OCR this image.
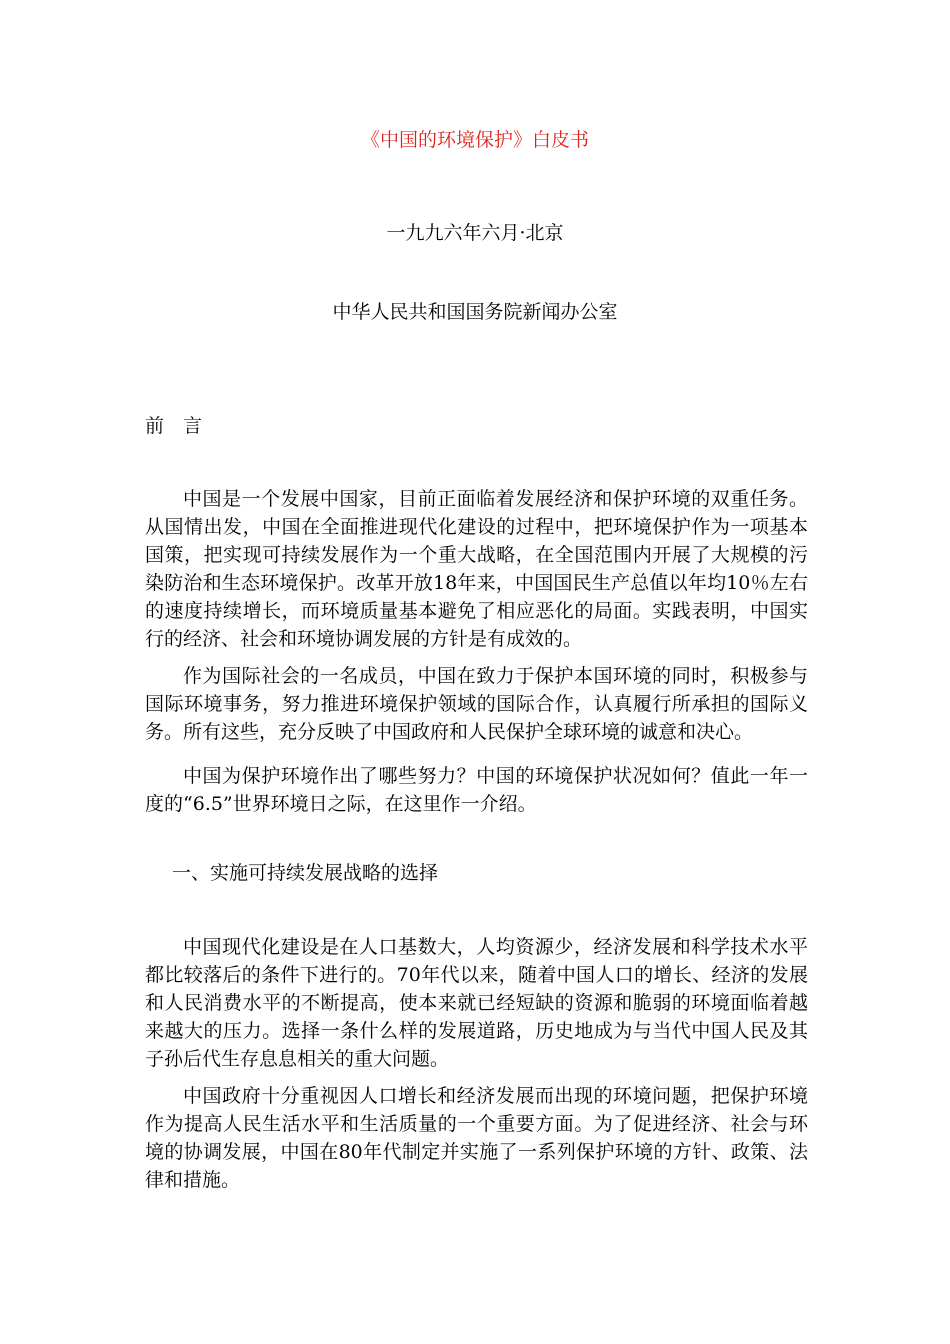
《中国的环境保护》白皮书
一九九六年六月·北京
中华人民共和国国务院新闻办公室
前　言
中国是一个发展中国家，目前正面临着发展经济和保护环境的双重任务。从国情出发，中国在全面推进现代化建设的过程中，把环境保护作为一项基本国策，把实现可持续发展作为一个重大战略，在全国范围内开展了大规模的污染防治和生态环境保护。改革开放18年来，中国国民生产总值以年均10％左右的速度持续增长，而环境质量基本避免了相应恶化的局面。实践表明，中国实行的经济、社会和环境协调发展的方针是有成效的。
作为国际社会的一名成员，中国在致力于保护本国环境的同时，积极参与国际环境事务，努力推进环境保护领域的国际合作，认真履行所承担的国际义务。所有这些，充分反映了中国政府和人民保护全球环境的诚意和决心。
中国为保护环境作出了哪些努力？中国的环境保护状况如何？值此一年一度的“6.5”世界环境日之际，在这里作一介绍。
一、实施可持续发展战略的选择
中国现代化建设是在人口基数大，人均资源少，经济发展和科学技术水平都比较落后的条件下进行的。70年代以来，随着中国人口的增长、经济的发展和人民消费水平的不断提高，使本来就已经短缺的资源和脆弱的环境面临着越来越大的压力。选择一条什么样的发展道路，历史地成为与当代中国人民及其子孙后代生存息息相关的重大问题。
中国政府十分重视因人口增长和经济发展而出现的环境问题，把保护环境作为提高人民生活水平和生活质量的一个重要方面。为了促进经济、社会与环境的协调发展，中国在80年代制定并实施了一系列保护环境的方针、政策、法律和措施。
